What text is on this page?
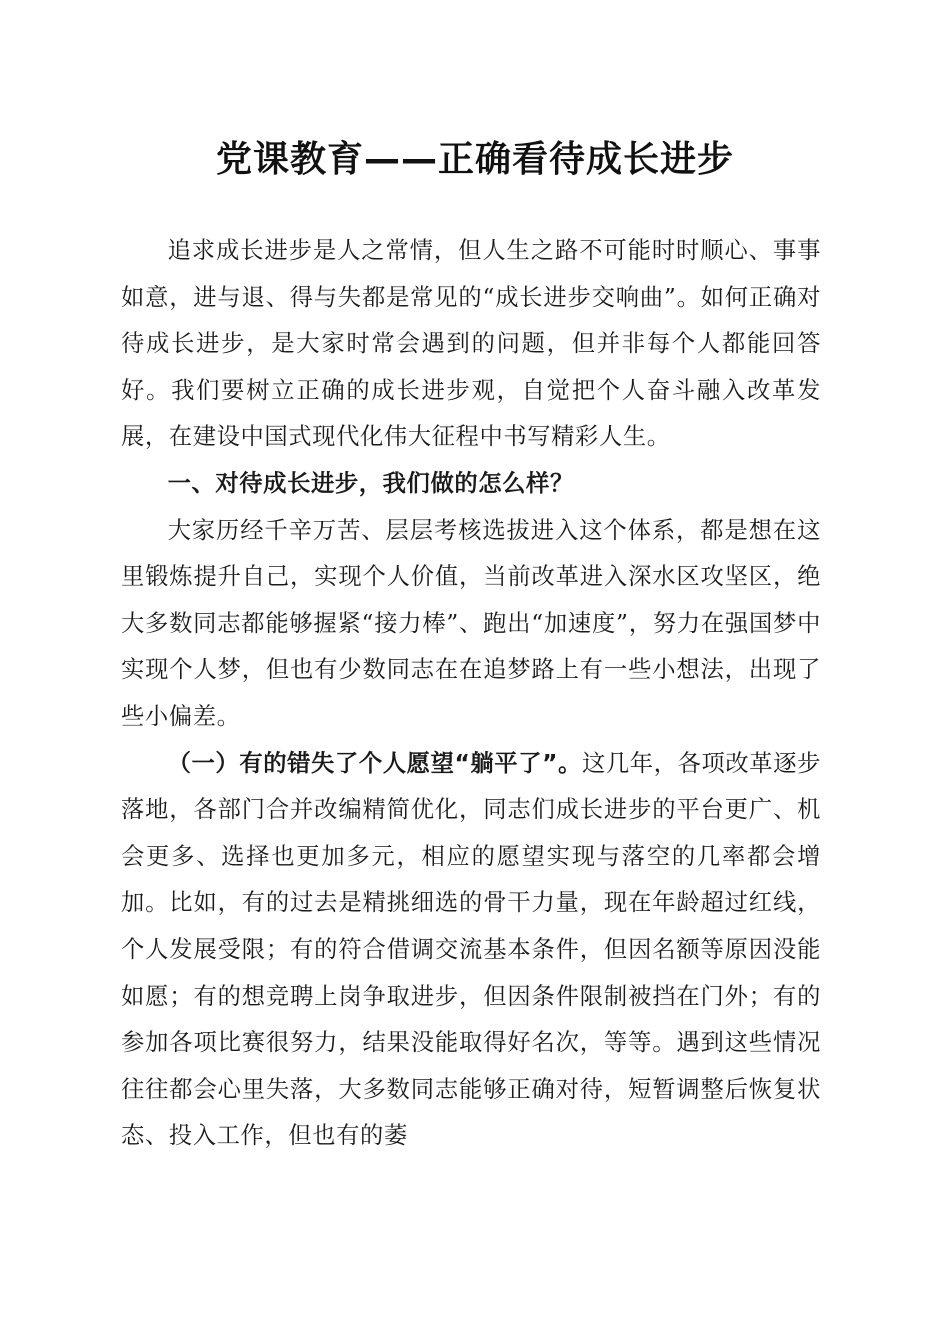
党课教育——正确看待成长进步

追求成长进步是人之常情，但人生之路不可能时时顺心、事事如意，进与退、得与失都是常见的“成长进步交响曲”。如何正确对待成长进步，是大家时常会遇到的问题，但并非每个人都能回答好。我们要树立正确的成长进步观，自觉把个人奋斗融入改革发展，在建设中国式现代化伟大征程中书写精彩人生。

一、对待成长进步，我们做的怎么样？

大家历经千辛万苦、层层考核选拔进入这个体系，都是想在这里锻炼提升自己，实现个人价值，当前改革进入深水区攻坚区，绝大多数同志都能够握紧“接力棒”、跑出“加速度”，努力在强国梦中实现个人梦，但也有少数同志在在追梦路上有一些小想法，出现了些小偏差。

（一）有的错失了个人愿望“躺平了”。这几年，各项改革逐步落地，各部门合并改编精简优化，同志们成长进步的平台更广、机会更多、选择也更加多元，相应的愿望实现与落空的几率都会增加。比如，有的过去是精挑细选的骨干力量，现在年龄超过红线，个人发展受限；有的符合借调交流基本条件，但因名额等原因没能如愿；有的想竞聘上岗争取进步，但因条件限制被挡在门外；有的参加各项比赛很努力，结果没能取得好名次，等等。遇到这些情况往往都会心里失落，大多数同志能够正确对待，短暂调整后恢复状态、投入工作，但也有的萎
